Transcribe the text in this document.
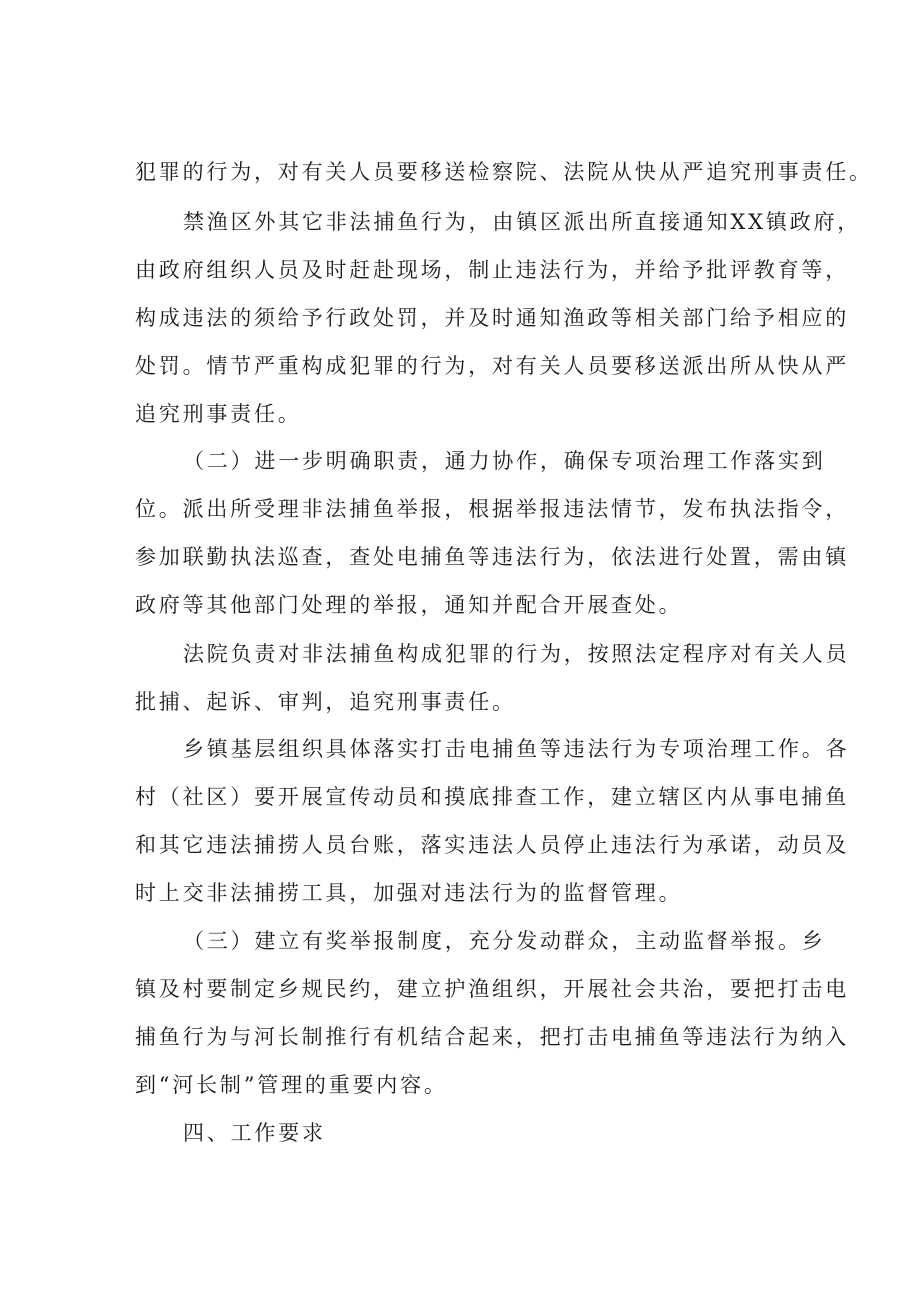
犯罪的行为，对有关人员要移送检察院、法院从快从严追究刑事责任。

禁渔区外其它非法捕鱼行为，由镇区派出所直接通知XX镇政府，

由政府组织人员及时赶赴现场，制止违法行为，并给予批评教育等，

构成违法的须给予行政处罚，并及时通知渔政等相关部门给予相应的

处罚。情节严重构成犯罪的行为，对有关人员要移送派出所从快从严

追究刑事责任。

（二）进一步明确职责，通力协作，确保专项治理工作落实到

位。派出所受理非法捕鱼举报，根据举报违法情节，发布执法指令，

参加联勤执法巡查，查处电捕鱼等违法行为，依法进行处置，需由镇

政府等其他部门处理的举报，通知并配合开展查处。

法院负责对非法捕鱼构成犯罪的行为，按照法定程序对有关人员

批捕、起诉、审判，追究刑事责任。

乡镇基层组织具体落实打击电捕鱼等违法行为专项治理工作。各

村（社区）要开展宣传动员和摸底排查工作，建立辖区内从事电捕鱼

和其它违法捕捞人员台账，落实违法人员停止违法行为承诺，动员及

时上交非法捕捞工具，加强对违法行为的监督管理。

（三）建立有奖举报制度，充分发动群众，主动监督举报。乡

镇及村要制定乡规民约，建立护渔组织，开展社会共治，要把打击电

捕鱼行为与河长制推行有机结合起来，把打击电捕鱼等违法行为纳入

到“河长制”管理的重要内容。

四、工作要求
